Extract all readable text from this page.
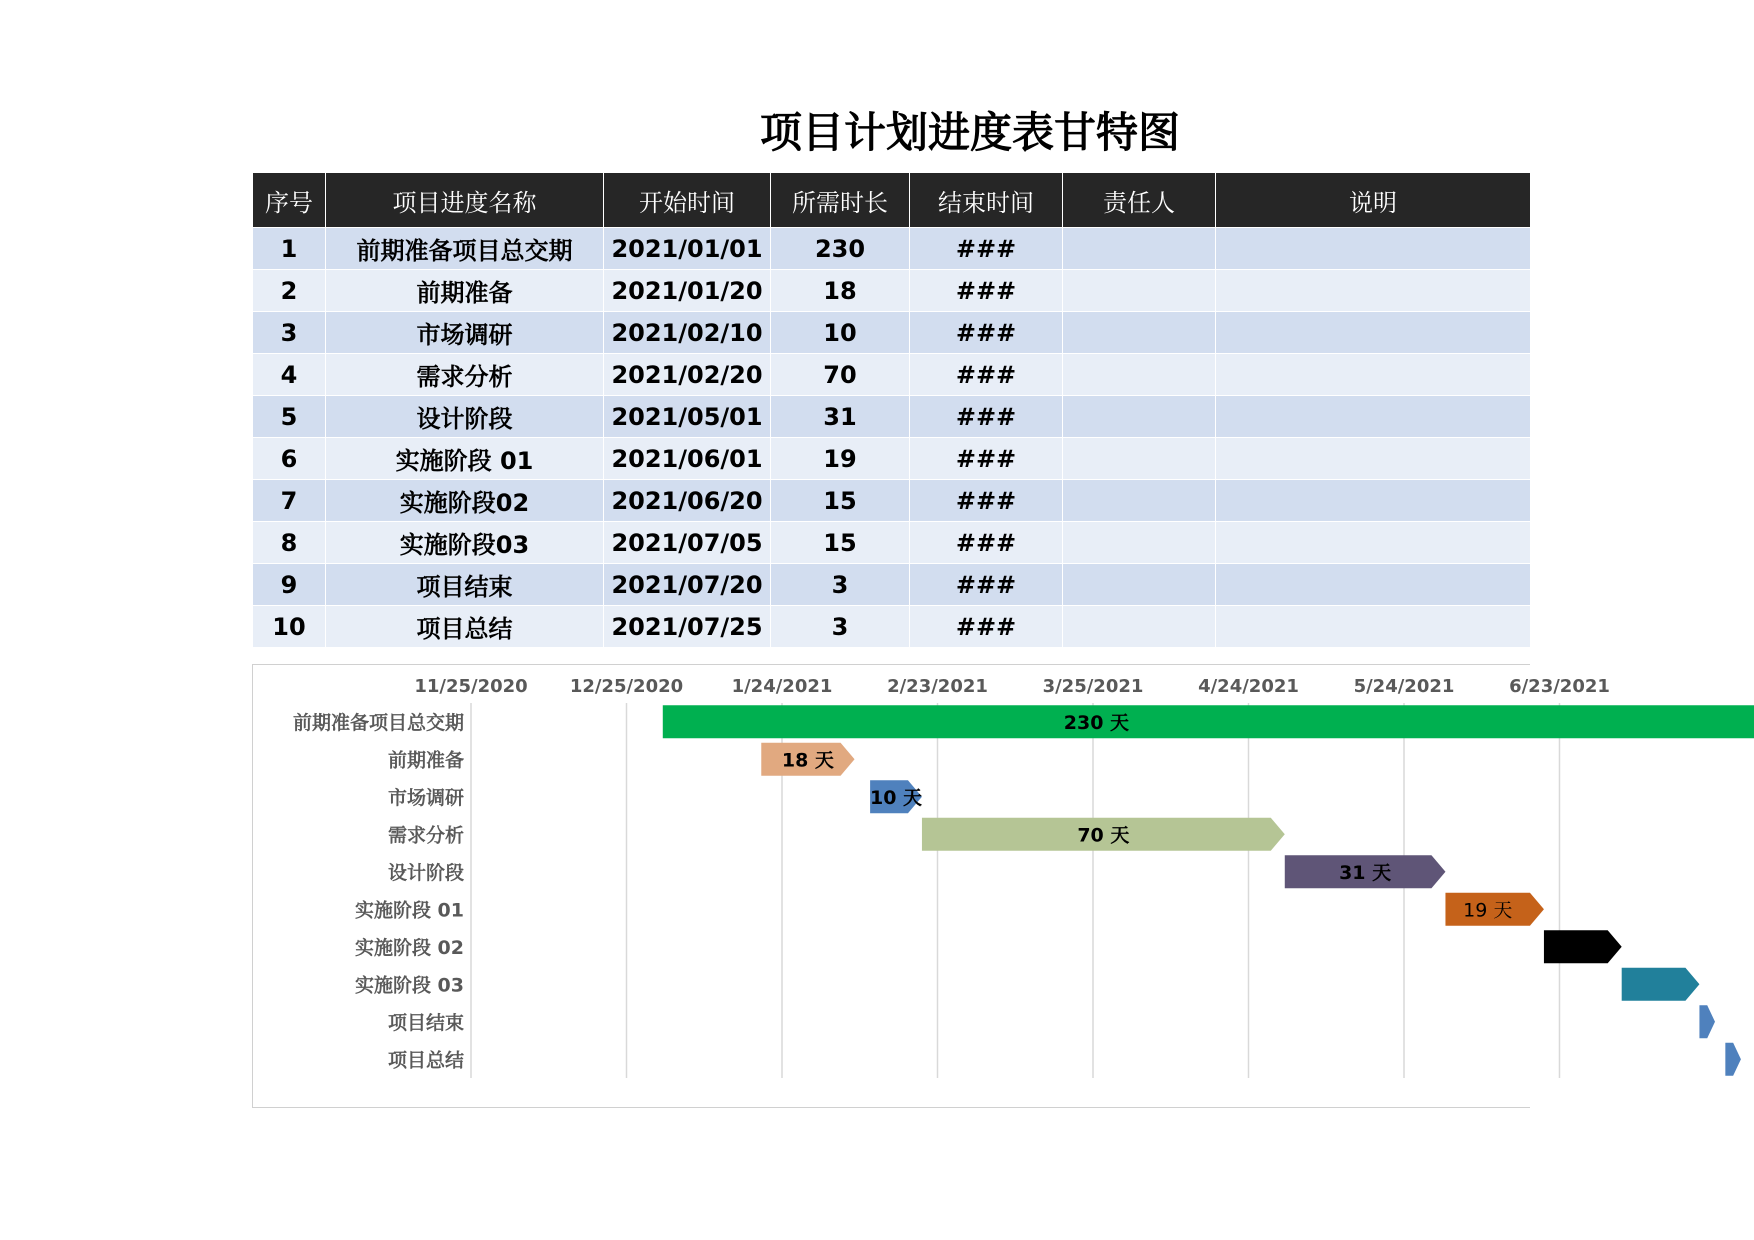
项目计划进度表甘特图
序号	项目进度名称	开始时间	所需时长	结束时间	责任人	说明
1	前期准备项目总交期	2021/01/01	230	###		
2	前期准备	2021/01/20	18	###		
3	市场调研	2021/02/10	10	###		
4	需求分析	2021/02/20	70	###		
5	设计阶段	2021/05/01	31	###		
6	实施阶段 01	2021/06/01	19	###		
7	实施阶段02	2021/06/20	15	###		
8	实施阶段03	2021/07/05	15	###		
9	项目结束	2021/07/20	3	###		
10	项目总结	2021/07/25	3	###		
11/25/2020 12/25/2020	1/24/2021	2/23/2021	3/25/2021	4/24/2021	5/24/2021	6/23/2021
前期准备项目总交期
前期准备
市场调研
需求分析
设计阶段
实施阶段 01
实施阶段 02
实施阶段 03
项目结束
项目总结
230 天
18 天
10 天
70 天
31 天
19 天
